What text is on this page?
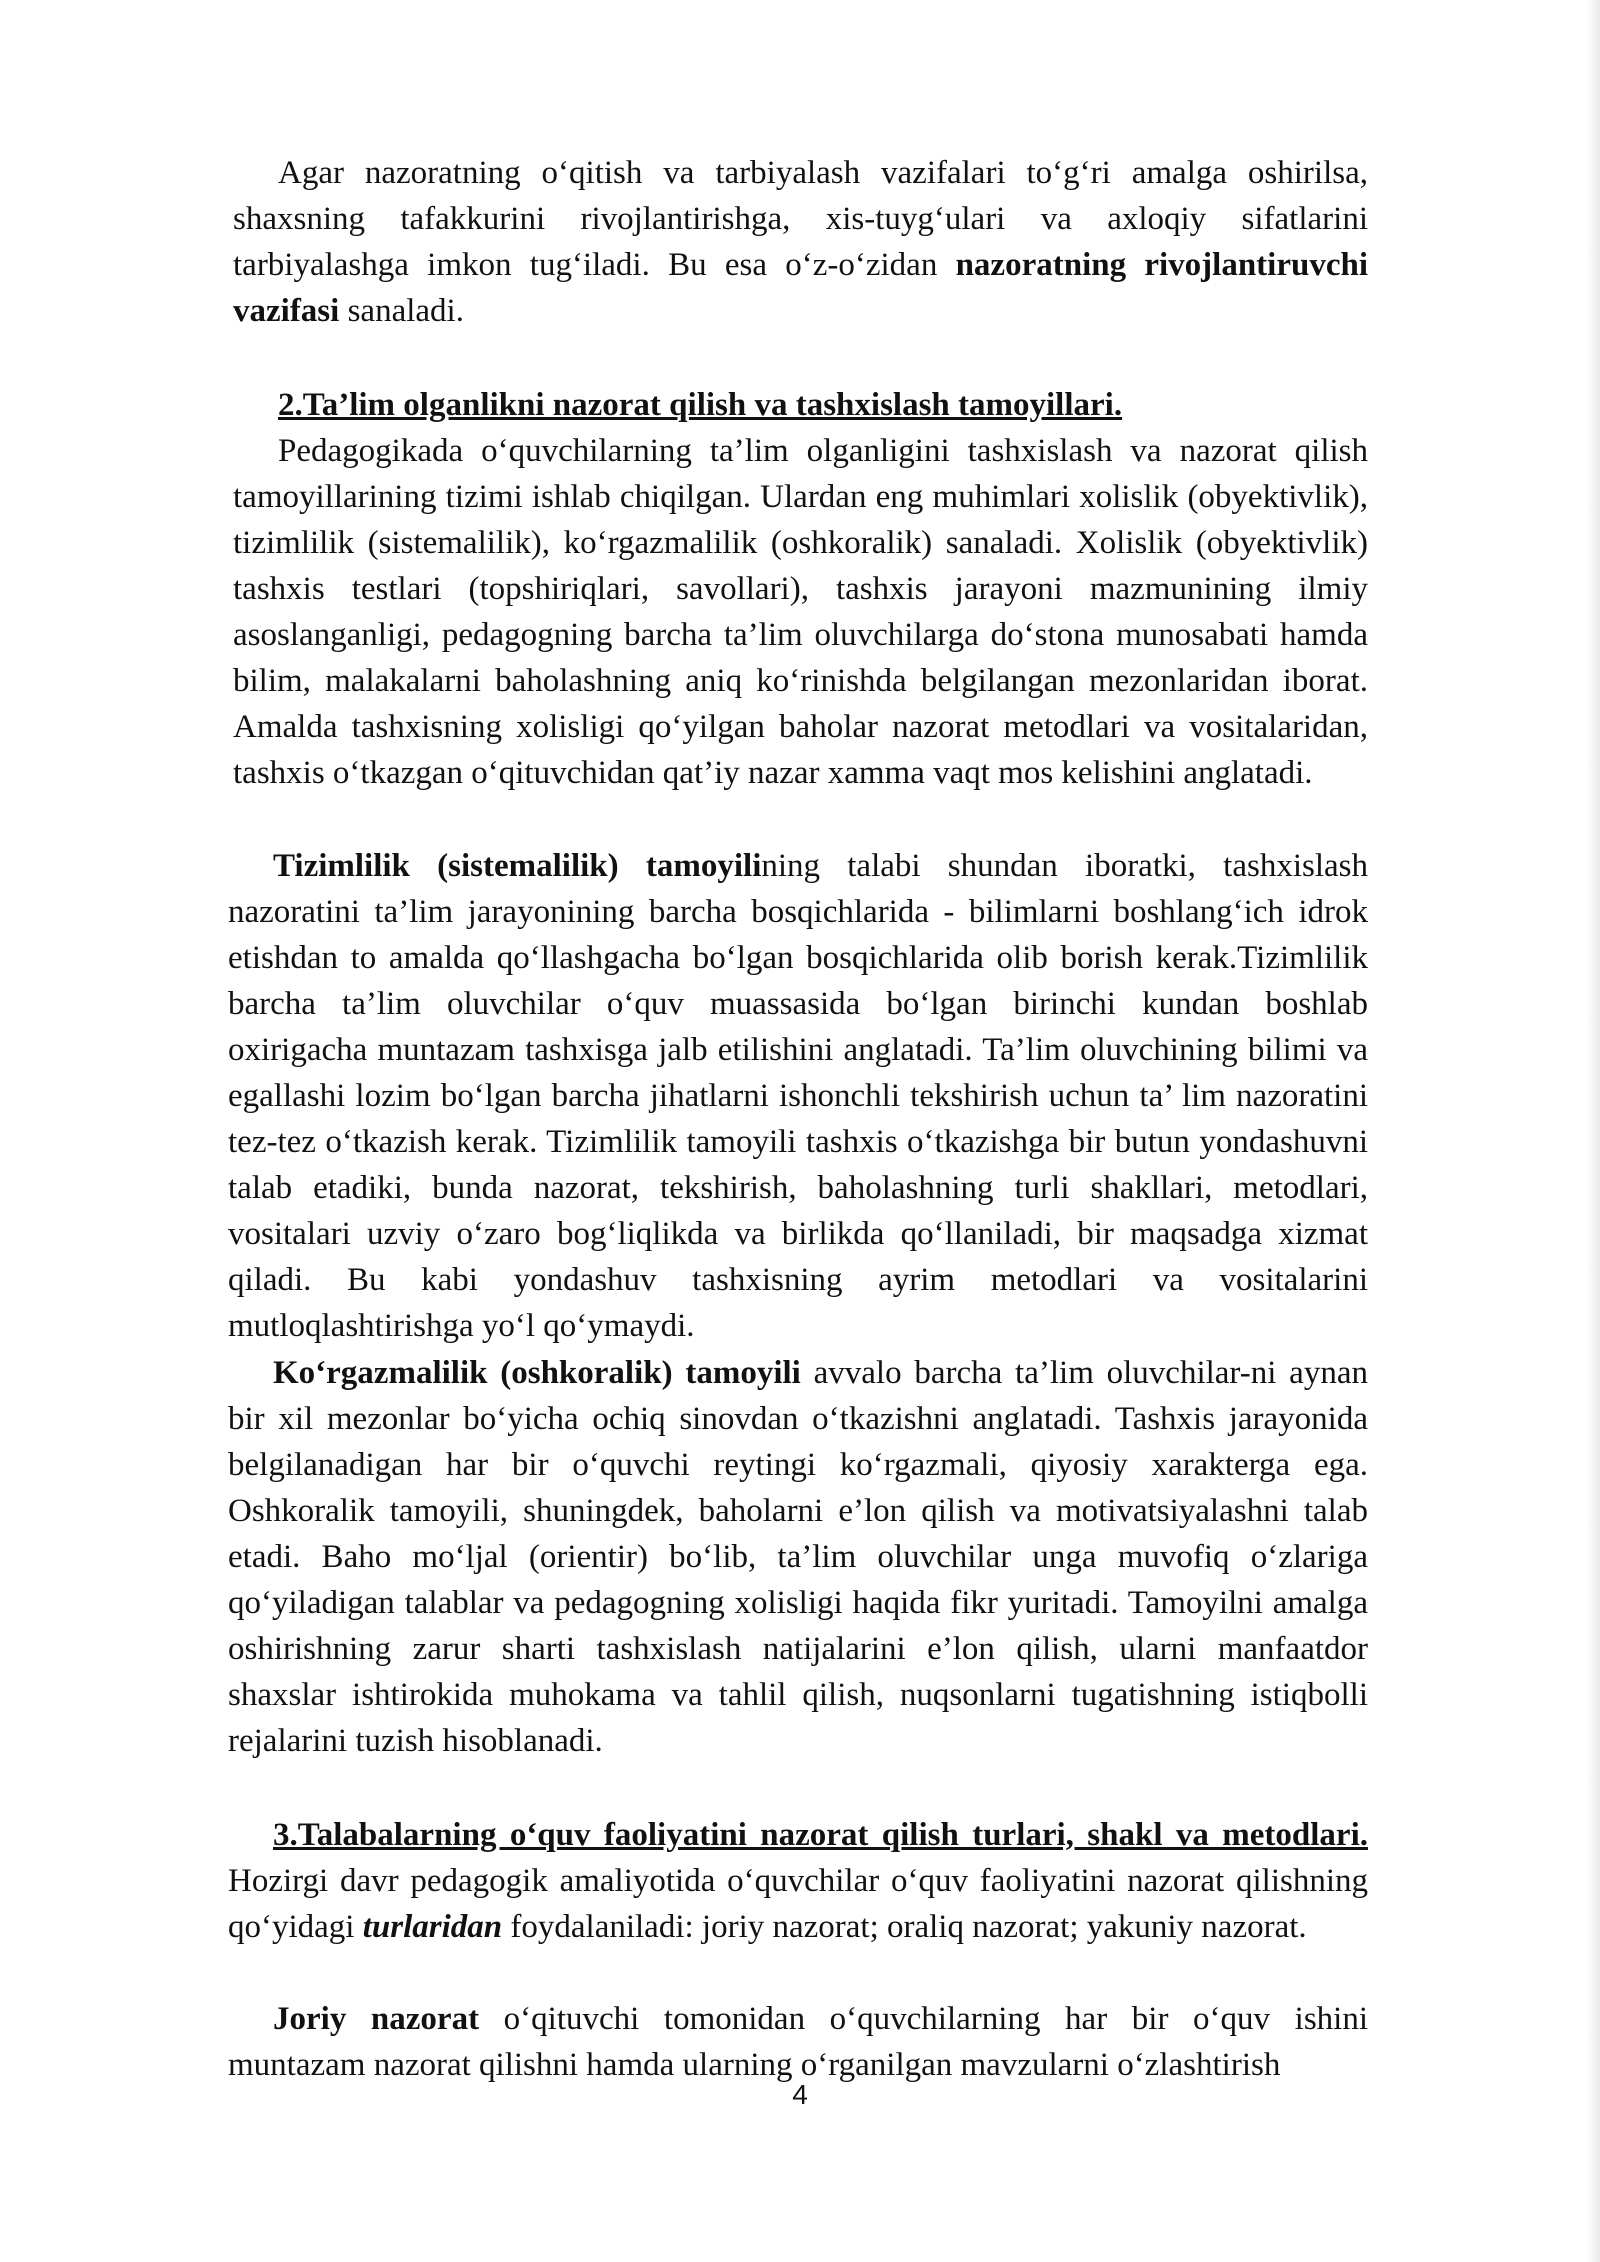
Agar nazoratning o‘qitish va tarbiyalash vazifalari to‘g‘ri amalga oshirilsa, shaxsning tafakkurini rivojlantirishga, xis-tuyg‘ulari va axloqiy sifatlarini tarbiyalashga imkon tug‘iladi. Bu esa o‘z-o‘zidan nazoratning rivojlantiruvchi vazifasi sanaladi.

2.Ta’lim olganlikni nazorat qilish va tashxislash tamoyillari.

Pedagogikada o‘quvchilarning ta’lim olganligini tashxislash va nazorat qilish tamoyillarining tizimi ishlab chiqilgan. Ulardan eng muhimlari xolislik (obyektivlik), tizimlilik (sistemalilik), ko‘rgazmalilik (oshkoralik) sanaladi. Xolislik (obyektivlik) tashxis testlari (topshiriqlari, savollari), tashxis jarayoni mazmunining ilmiy asoslanganligi, pedagogning barcha ta’lim oluvchilarga do‘stona munosabati hamda bilim, malakalarni baholashning aniq ko‘rinishda belgilangan mezonlaridan iborat. Amalda tashxisning xolisligi qo‘yilgan baholar nazorat metodlari va vositalaridan, tashxis o‘tkazgan o‘qituvchidan qat’iy nazar xamma vaqt mos kelishini anglatadi.

Tizimlilik (sistemalilik) tamoyilining talabi shundan iboratki, tashxislash nazoratini ta’lim jarayonining barcha bosqichlarida - bilimlarni boshlang‘ich idrok etishdan to amalda qo‘llashgacha bo‘lgan bosqichlarida olib borish kerak.Tizimlilik barcha ta’lim oluvchilar o‘quv muassasida bo‘lgan birinchi kundan boshlab oxirigacha muntazam tashxisga jalb etilishini anglatadi. Ta’lim oluvchining bilimi va egallashi lozim bo‘lgan barcha jihatlarni ishonchli tekshirish uchun ta’ lim nazoratini tez-tez o‘tkazish kerak. Tizimlilik tamoyili tashxis o‘tkazishga bir butun yondashuvni talab etadiki, bunda nazorat, tekshirish, baholashning turli shakllari, metodlari, vositalari uzviy o‘zaro bog‘liqlikda va birlikda qo‘llaniladi, bir maqsadga xizmat qiladi. Bu kabi yondashuv tashxisning ayrim metodlari va vositalarini mutloqlashtirishga yo‘l qo‘ymaydi.

Ko‘rgazmalilik (oshkoralik) tamoyili avvalo barcha ta’lim oluvchilar-ni aynan bir xil mezonlar bo‘yicha ochiq sinovdan o‘tkazishni anglatadi. Tashxis jarayonida belgilanadigan har bir o‘quvchi reytingi ko‘rgazmali, qiyosiy xarakterga ega. Oshkoralik tamoyili, shuningdek, baholarni e’lon qilish va motivatsiyalashni talab etadi. Baho mo‘ljal (orientir) bo‘lib, ta’lim oluvchilar unga muvofiq o‘zlariga qo‘yiladigan talablar va pedagogning xolisligi haqida fikr yuritadi. Tamoyilni amalga oshirishning zarur sharti tashxislash natijalarini e’lon qilish, ularni manfaatdor shaxslar ishtirokida muhokama va tahlil qilish, nuqsonlarni tugatishning istiqbolli rejalarini tuzish hisoblanadi.

3.Talabalarning o‘quv faoliyatini nazorat qilish turlari, shakl va metodlari. Hozirgi davr pedagogik amaliyotida o‘quvchilar o‘quv faoliyatini nazorat qilishning qo‘yidagi turlaridan foydalaniladi: joriy nazorat; oraliq nazorat; yakuniy nazorat.

Joriy nazorat o‘qituvchi tomonidan o‘quvchilarning har bir o‘quv ishini muntazam nazorat qilishni hamda ularning o‘rganilgan mavzularni o‘zlashtirish

4
